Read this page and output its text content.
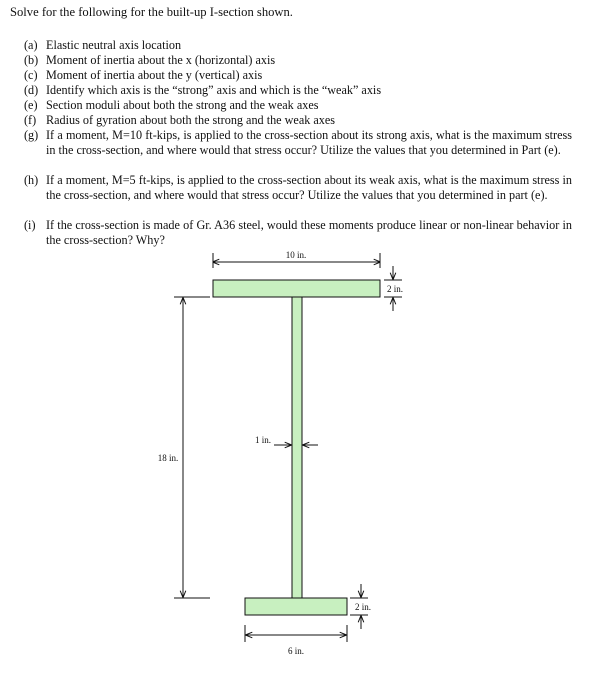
Solve for the following for the built-up I-section shown.
(a) Elastic neutral axis location
(b) Moment of inertia about the x (horizontal) axis
(c) Moment of inertia about the y (vertical) axis
(d) Identify which axis is the “strong” axis and which is the “weak” axis
(e) Section moduli about both the strong and the weak axes
(f) Radius of gyration about both the strong and the weak axes
(g) If a moment, M=10 ft-kips, is applied to the cross-section about its strong axis, what is the maximum stress in the cross-section, and where would that stress occur? Utilize the values that you determined in Part (e).
(h) If a moment, M=5 ft-kips, is applied to the cross-section about its weak axis, what is the maximum stress in the cross-section, and where would that stress occur? Utilize the values that you determined in part (e).
(i) If the cross-section is made of Gr. A36 steel, would these moments produce linear or non-linear behavior in the cross-section? Why?
10 in.
2 in.
18 in.
1 in.
2 in.
6 in.
